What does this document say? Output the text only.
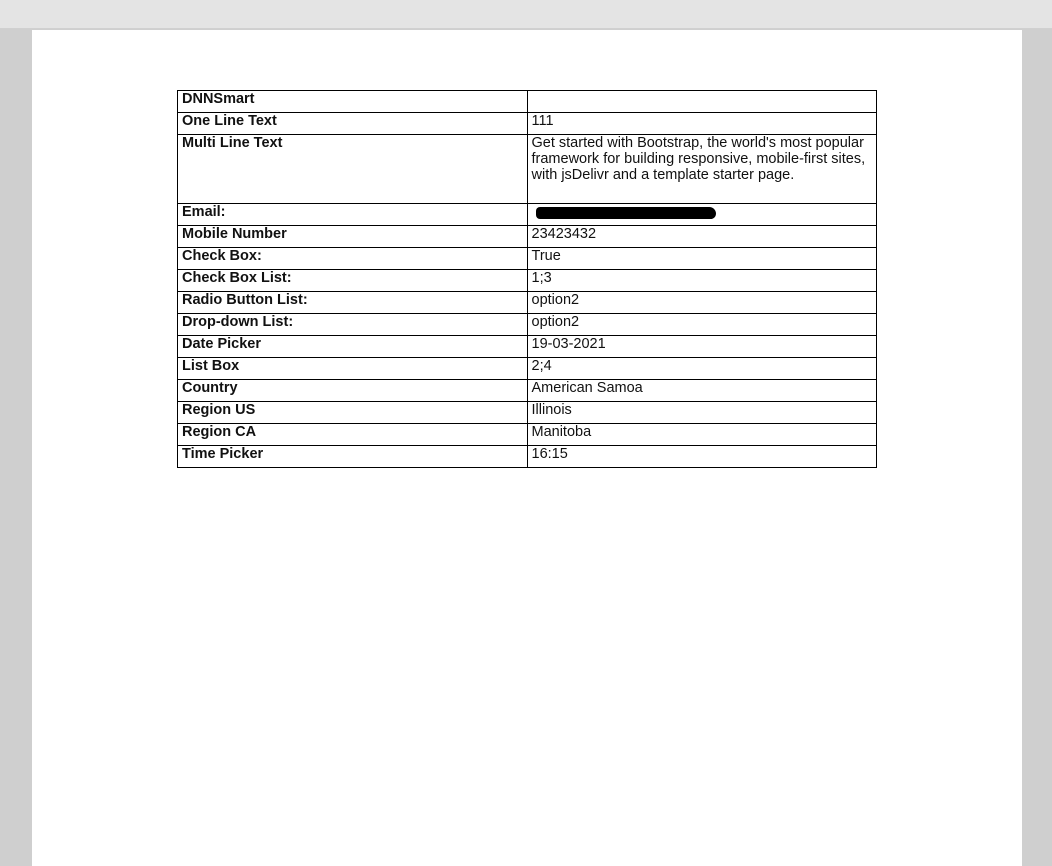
DNNSmart	
One Line Text	111
Multi Line Text	Get started with Bootstrap, the world's most popular framework for building responsive, mobile-first sites, with jsDelivr and a template starter page.
Email:	

Mobile Number	23423432
Check Box:	True
Check Box List:	1;3
Radio Button List:	option2
Drop-down List:	option2
Date Picker	19-03-2021
List Box	2;4
Country	American Samoa
Region US	Illinois
Region CA	Manitoba
Time Picker	16:15
